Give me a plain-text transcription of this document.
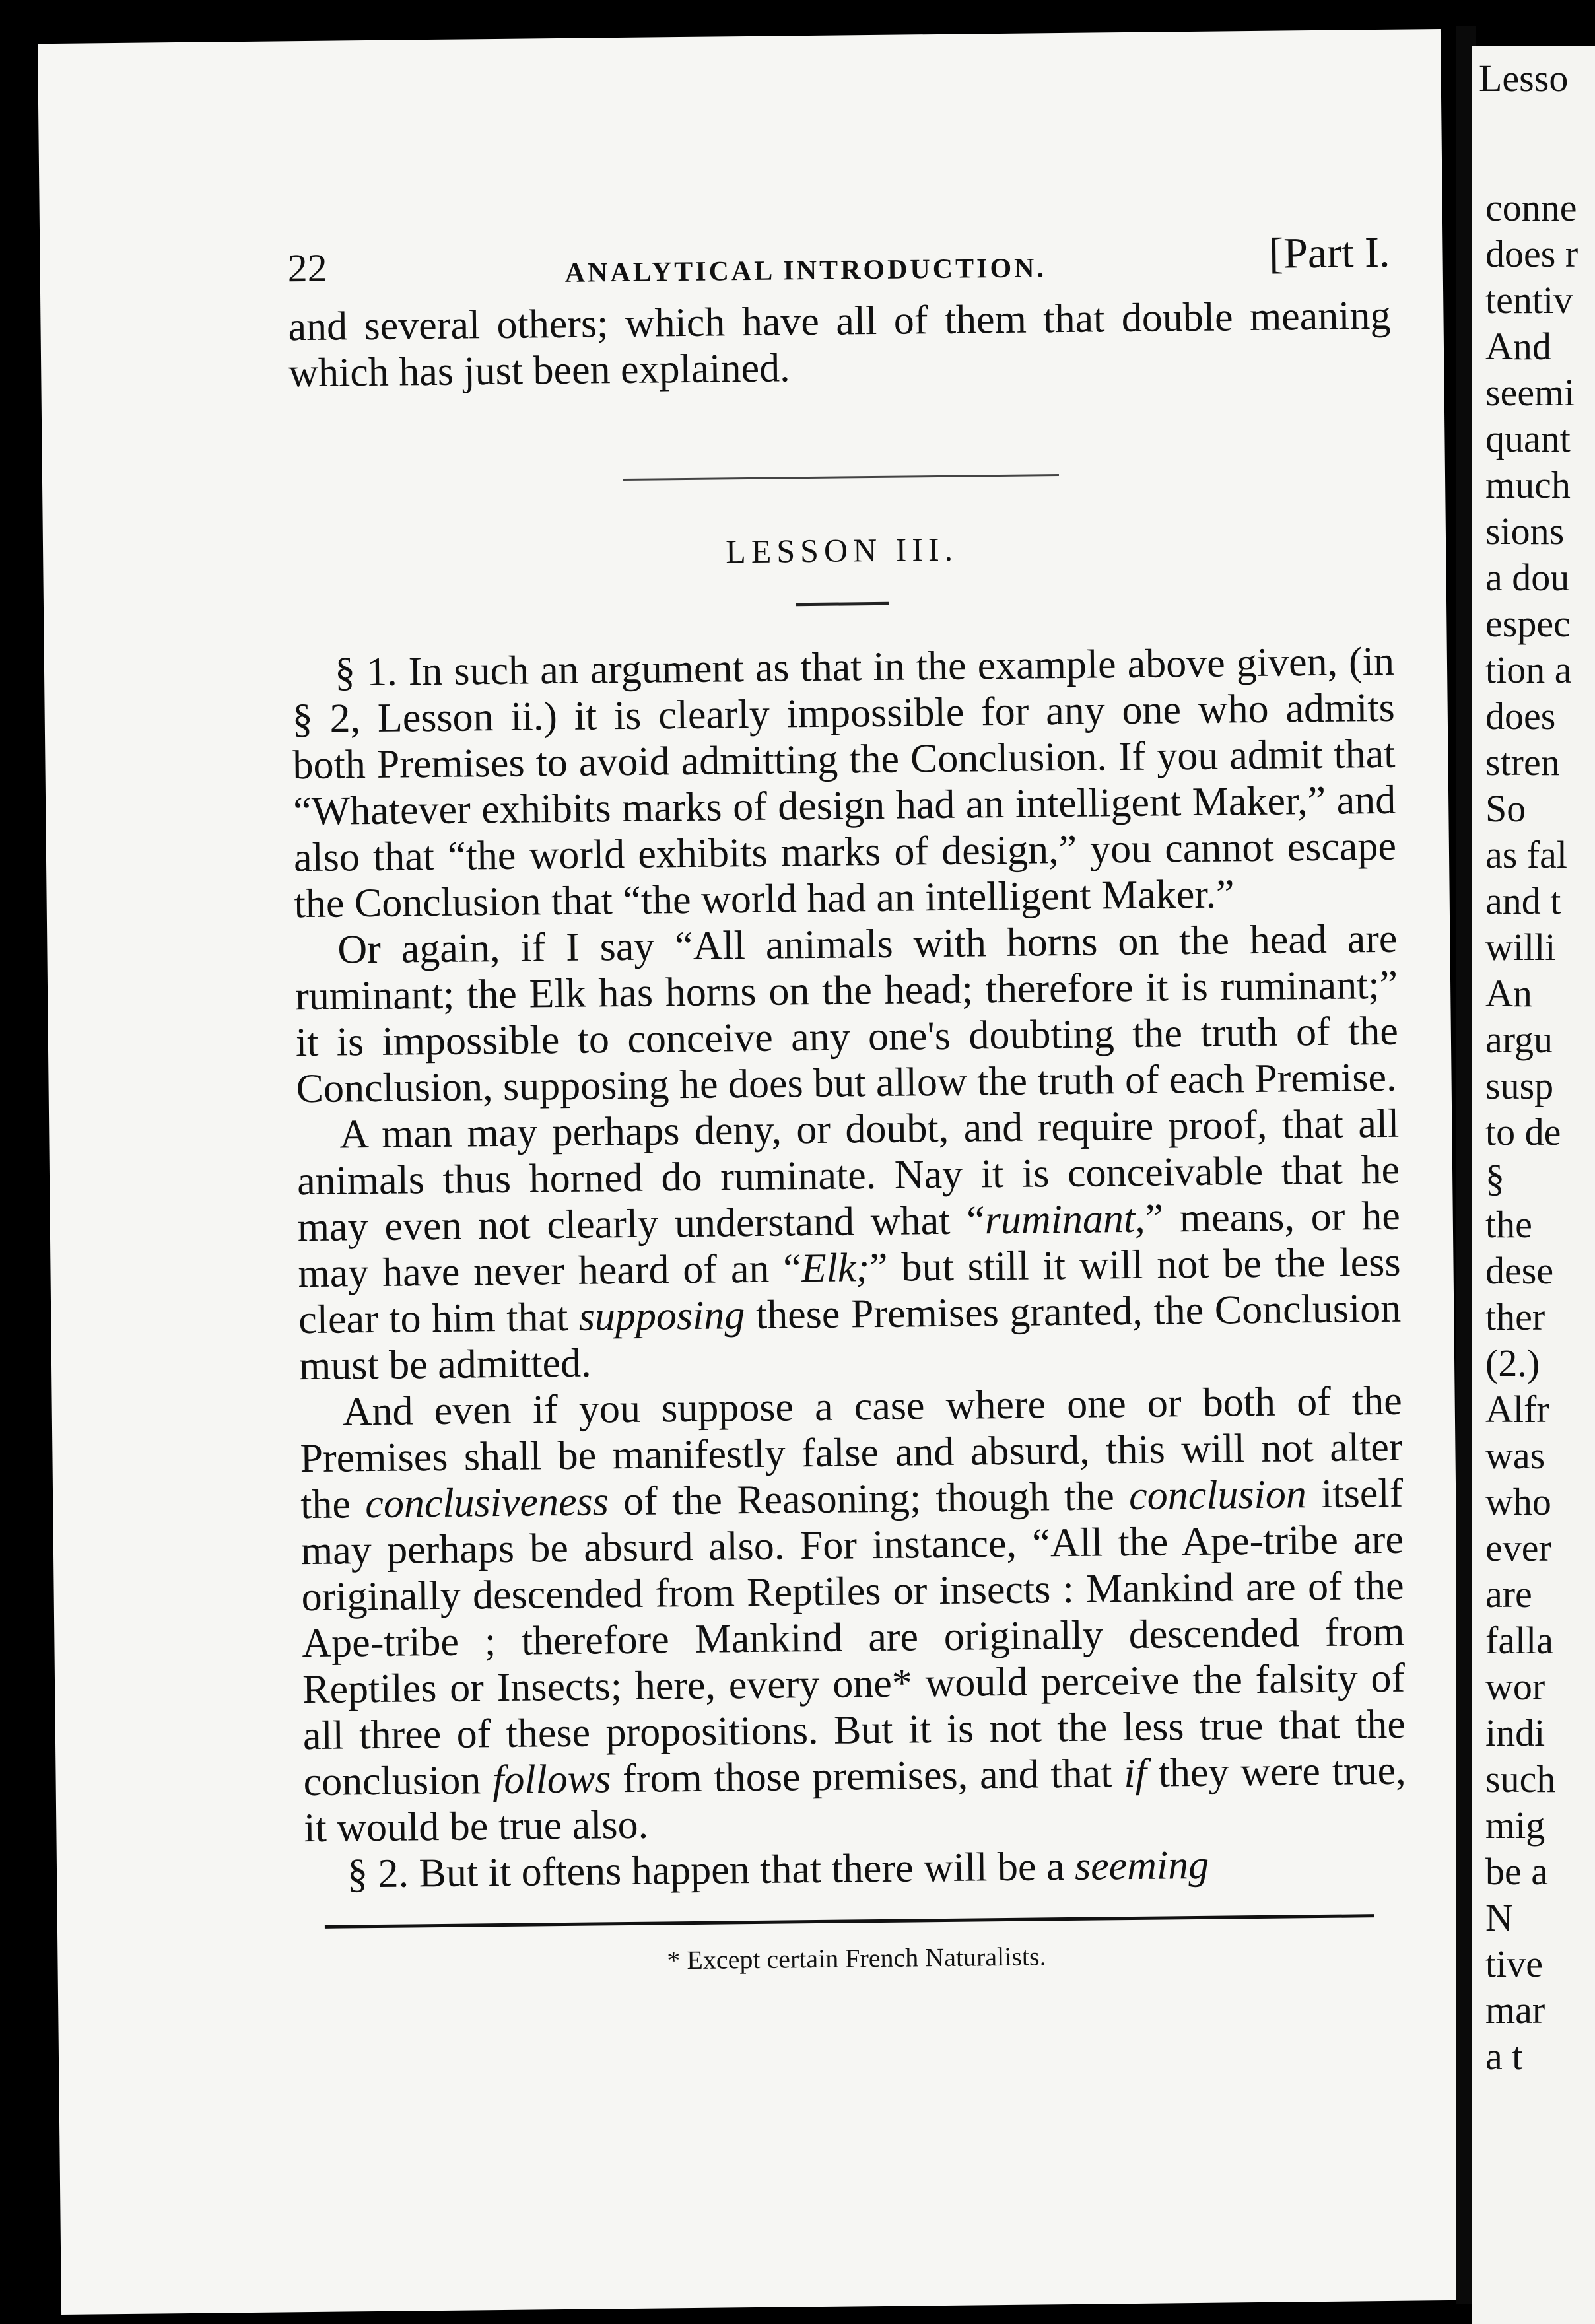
22	ANALYTICAL INTRODUCTION.	[Part I.

and several others; which have all of them that double meaning which has just been explained.

LESSON III.

§ 1. In such an argument as that in the example above given, (in § 2, Lesson ii.) it is clearly impossible for any one who admits both Premises to avoid admitting the Conclusion. If you admit that “Whatever exhibits marks of design had an intelligent Maker,” and also that “the world exhibits marks of design,” you cannot escape the Conclusion that “the world had an intelligent Maker.”

Or again, if I say “All animals with horns on the head are ruminant; the Elk has horns on the head; therefore it is ruminant;” it is impossible to conceive any one's doubting the truth of the Conclusion, supposing he does but allow the truth of each Premise.

A man may perhaps deny, or doubt, and require proof, that all animals thus horned do ruminate. Nay it is conceivable that he may even not clearly understand what “ruminant,” means, or he may have never heard of an “Elk;” but still it will not be the less clear to him that supposing these Premises granted, the Conclusion must be admitted.

And even if you suppose a case where one or both of the Premises shall be manifestly false and absurd, this will not alter the conclusiveness of the Reasoning; though the conclusion itself may perhaps be absurd also. For instance, “All the Ape-tribe are originally descended from Reptiles or insects : Mankind are of the Ape-tribe ; therefore Mankind are originally descended from Reptiles or Insects; here, every one* would perceive the falsity of all three of these propositions. But it is not the less true that the conclusion follows from those premises, and that if they were true, it would be true also.

§ 2. But it oftens happen that there will be a seeming

* Except certain French Naturalists.
Lesso
conne
does r
tentiv
And
seemi
quant
much
sions
a dou
espec
tion a
does
stren
So
as fal
and t
willi
An
argu
susp
to de
§
the
dese
ther
(2.)
Alfr
was
who
ever
are
falla
wor
indi
such
mig
be a
N
tive
mar
a t
